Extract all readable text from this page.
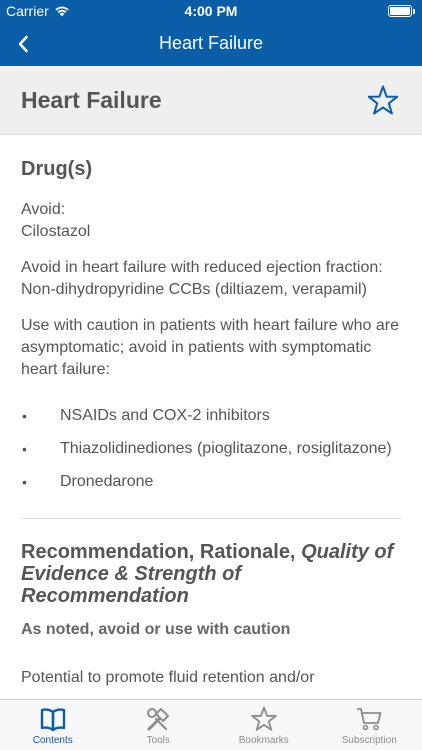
Carrier	4:00 PM
Heart Failure
Heart Failure
Drug(s)
Avoid:
Cilostazol
Avoid in heart failure with reduced ejection fraction: Non-dihydropyridine CCBs (diltiazem, verapamil)
Use with caution in patients with heart failure who are asymptomatic; avoid in patients with symptomatic heart failure:
• NSAIDs and COX-2 inhibitors
• Thiazolidinediones (pioglitazone, rosiglitazone)
• Dronedarone
Recommendation, Rationale, Quality of Evidence & Strength of Recommendation
As noted, avoid or use with caution
Potential to promote fluid retention and/or
Contents	Tools	Bookmarks	Subscription
